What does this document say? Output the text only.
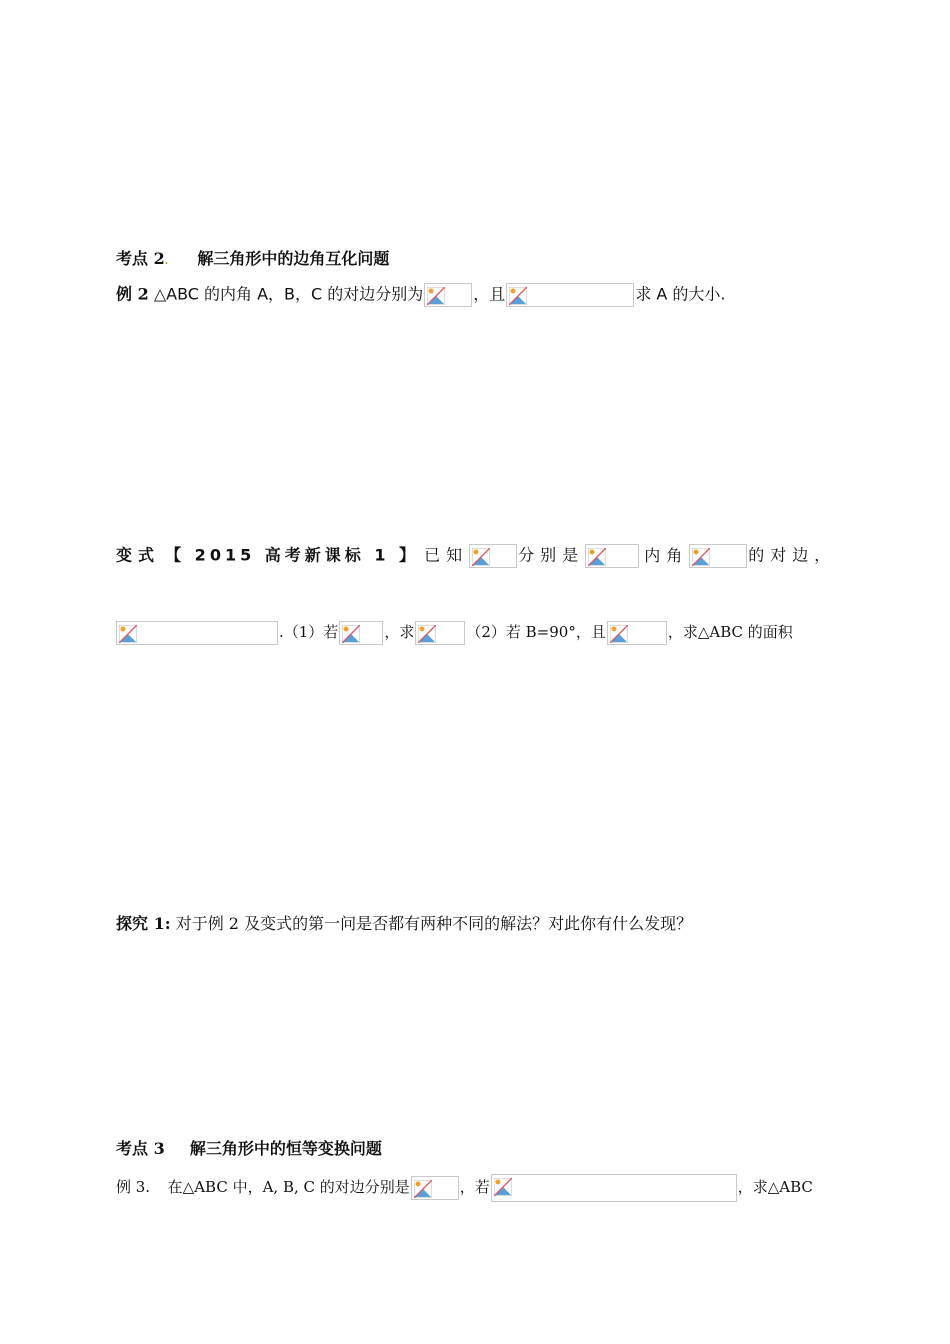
考点 2. 解三角形中的边角互化问题
例 2 △ABC 的内角 A，B，C 的对边分别为	，且	求 A 的大小.
变式 【 2015 高考新课标 1 】 已知	分别是	内角	的对边，
.（1）若	，求	（2）若 B=90°，且	，求△ABC 的面积
探究 1: 对于例 2 及变式的第一问是否都有两种不同的解法？对此你有什么发现？
考点 3 解三角形中的恒等变换问题
例 3. 在△ABC 中，A, B, C 的对边分别是	，若	，求△ABC
